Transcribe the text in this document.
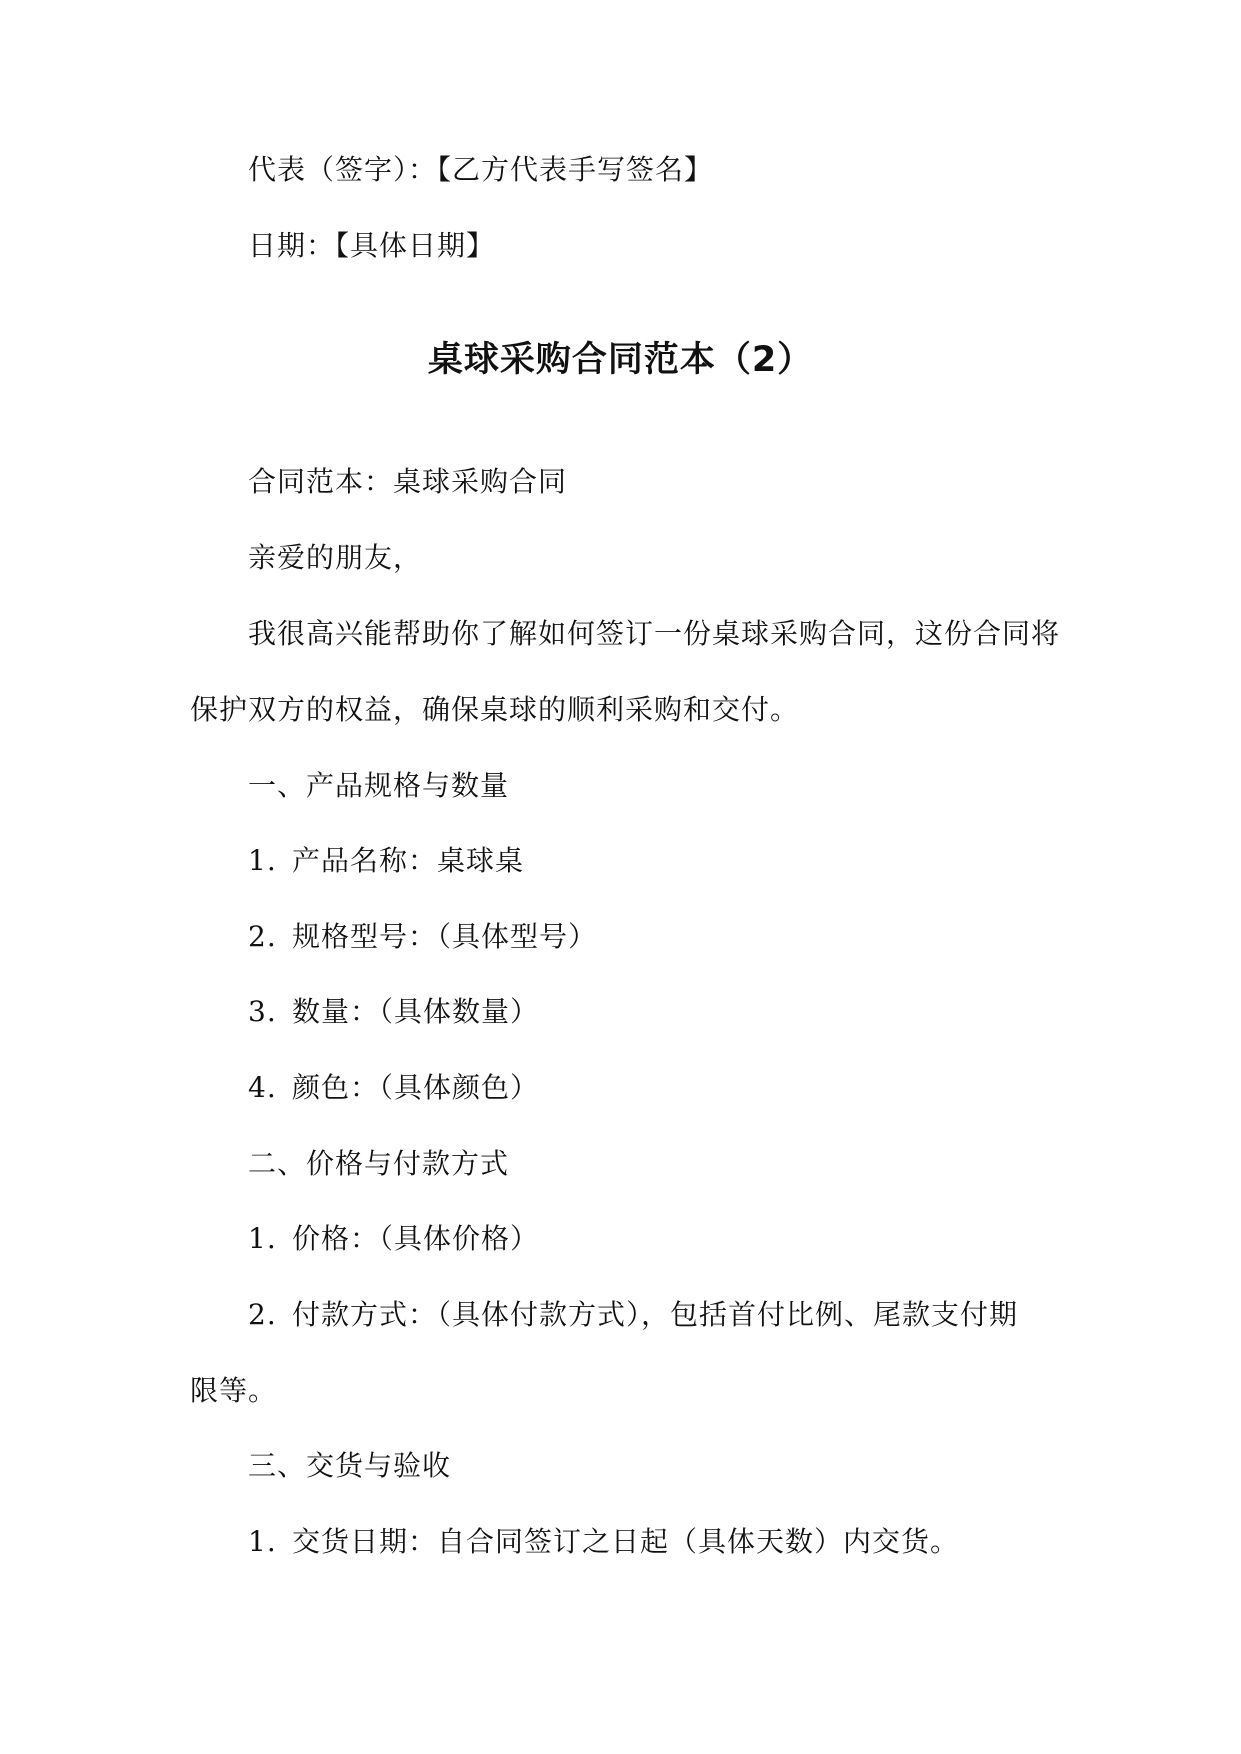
代表（签字）：【乙方代表手写签名】
日期：【具体日期】
桌球采购合同范本（2）
合同范本：桌球采购合同
亲爱的朋友，
我很高兴能帮助你了解如何签订一份桌球采购合同，这份合同将
保护双方的权益，确保桌球的顺利采购和交付。
一、产品规格与数量
1. 产品名称：桌球桌
2. 规格型号：（具体型号）
3. 数量：（具体数量）
4. 颜色：（具体颜色）
二、价格与付款方式
1. 价格：（具体价格）
2. 付款方式：（具体付款方式），包括首付比例、尾款支付期
限等。
三、交货与验收
1. 交货日期：自合同签订之日起（具体天数）内交货。
